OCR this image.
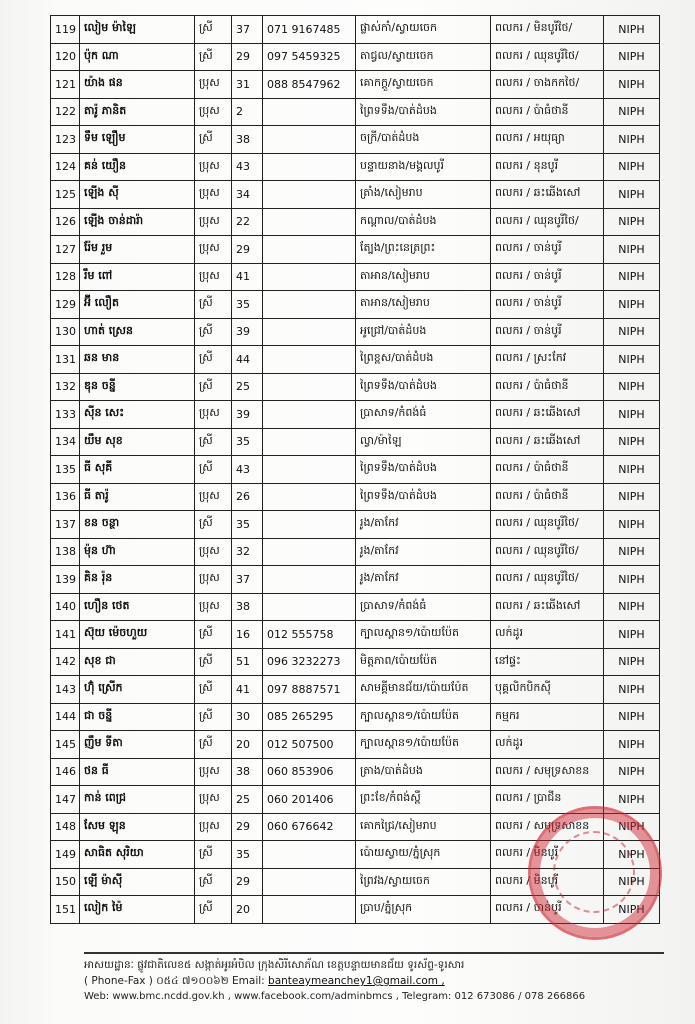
119	លៀម ម៉ាឡៃ	ស្រី	37	071 9167485	ផ្លាស់កាំ/ស្វាយចេក	ពលករ / មិនបូរីថៃ/	NIPH
120	ប៉ុក ណា	ស្រី	29	097 5459325	តាជ្វល/ស្វាយចេក	ពលករ / ឈុនបូរីថៃ/	NIPH
121	យ៉ាង ផន	ប្រុស	31	088 8547962	គោកក្ដួ/ស្វាយចេក	ពលករ / ចាងកកថៃ/	NIPH
122	តារ៉ូ ភានិត	ប្រុស	2		ព្រៃទទឹង/បាត់ដំបង	ពលករ / ប៉ាធំថានី	NIPH
123	ទឹម ឡឿម	ស្រី	38		ចក្រី/បាត់ដំបង	ពលករ / អយុធ្យា	NIPH
124	គន់ យឿន	ប្រុស	43		បន្ទាយនាង/មង្គលបូរី	ពលករ / នុនបូរី	NIPH
125	ឡើង ស៊ី	ប្រុស	34		ត្រាំង/សៀមរាប	ពលករ / ឆះឆើងសៅ	NIPH
126	ឡើង ចាន់ដារ៉ា	ប្រុស	22		កណ្ដាល/បាត់ដំបង	ពលករ / ឈុនបូរីថៃ/	NIPH
127	រ៉ែម រួម	ប្រុស	29		ត្បែង/ព្រះនេត្រព្រះ	ពលករ / ចាន់បូរី	NIPH
128	រឹម ពៅ	ប្រុស	41		តាអាន/សៀមរាប	ពលករ / ចាន់បូរី	NIPH
129	អ៊ី លឿត	ស្រី	35		តាអាន/សៀមរាប	ពលករ / ចាន់បូរី	NIPH
130	ហាត់ ស្រេន	ស្រី	39		អូជ្រៅ/បាត់ដំបង	ពលករ / ចាន់បូរី	NIPH
131	ឆន មាន	ស្រី	44		ព្រៃខ្ពស/បាត់ដំបង	ពលករ / ស្រះកែវ	NIPH
132	ឌុន ចន្នី	ស្រី	25		ព្រៃទទឹង/បាត់ដំបង	ពលករ / ប៉ាធំថានី	NIPH
133	ស៊ីន សេះ	ប្រុស	39		ប្រាសាទ/កំពង់ធំ	ពលករ / ឆះឆើងសៅ	NIPH
134	យឹម សុខ	ស្រី	35		ល្វា/ម៉ាឡៃ	ពលករ / ឆះឆើងសៅ	NIPH
135	ធី សុគី	ស្រី	43		ព្រៃទទឹង/បាត់ដំបង	ពលករ / ប៉ាធំថានី	NIPH
136	ធី តារ៉ូ	ប្រុស	26		ព្រៃទទឹង/បាត់ដំបង	ពលករ / ប៉ាធំថានី	NIPH
137	ខន ចន្ថា	ស្រី	35		រូង/តាកែវ	ពលករ / ឈុនបូរីថៃ/	NIPH
138	ម៉ុន ហ៊ា	ប្រុស	32		រូង/តាកែវ	ពលករ / ឈុនបូរីថៃ/	NIPH
139	គិន រ៉ុន	ប្រុស	37		រូង/តាកែវ	ពលករ / ឈុនបូរីថៃ/	NIPH
140	ហឿន ថេត	ប្រុស	38		ប្រាសាទ/កំពង់ធំ	ពលករ / ឆះឆើងសៅ	NIPH
141	ស៊ុយ ម៉េចហួយ	ស្រី	16	012 555758	ក្បាលស្ពាន១/ប៉ោយប៉ែត	លក់ដូរ	NIPH
142	សុខ ជា	ស្រី	51	096 3232273	មិត្តភាព/ប៉ោយប៉ែត	នៅផ្ទះ	NIPH
143	ហ៊ុំ ស្រេីក	ស្រី	41	097 8887571	សាមគ្គីមានជ័យ/ប៉ោយប៉ែត	បុគ្គលិកបិកស៊ី	NIPH
144	ជា ចន្នី	ស្រី	30	085 265295	ក្បាលស្ពាន១/ប៉ោយប៉ែត	កម្មករ	NIPH
145	ញឹម ទីតា	ស្រី	20	012 507500	ក្បាលស្ពាន១/ប៉ោយប៉ែត	លក់ដូរ	NIPH
146	ថន ធី	ប្រុស	38	060 853906	ត្រាង/បាត់ដំបង	ពលករ / សមុទ្រសាខន	NIPH
147	កាន់ ពេជ្រ	ប្រុស	25	060 201406	ព្រះខែ/កំពង់ស្ពឺ	ពលករ / ប្រាជីន	NIPH
148	សែម ឡុន	ប្រុស	29	060 676642	គោកជ្រៃ/សៀមរាប	ពលករ / សមុទ្រសាខន	NIPH
149	សាធិត សុរិយា	ស្រី	35		ប៉ោយស្វាយ/ភ្នំស្រុក	ពលករ / មិនបូរី	NIPH
150	ឡើ ម៉ាស៊ី	ស្រី	29		ព្រៃវង/ស្វាយចេក	ពលករ / មិនបូរី	NIPH
151	លៀក ម៉ៃ	ស្រី	20		ប្រាប/ភ្នំស្រុក	ពលករ / ចាន់បូរី	NIPH
អាសយដ្ឋានៈ ផ្លូវជាតិលេខ៥ សង្កាត់អូរអំបិល ក្រុងសិរីសោភ័ណ ខេត្តបន្ទាយមានជ័យ ទូរស័ព្ទ-ទូរសារ
( Phone-Fax ) ០៥៤ ៧១០០៦២ Email: banteaymeanchey1@gmail.com ,
Web: www.bmc.ncdd.gov.kh , www.facebook.com/adminbmcs , Telegram: 012 673086 / 078 266866
